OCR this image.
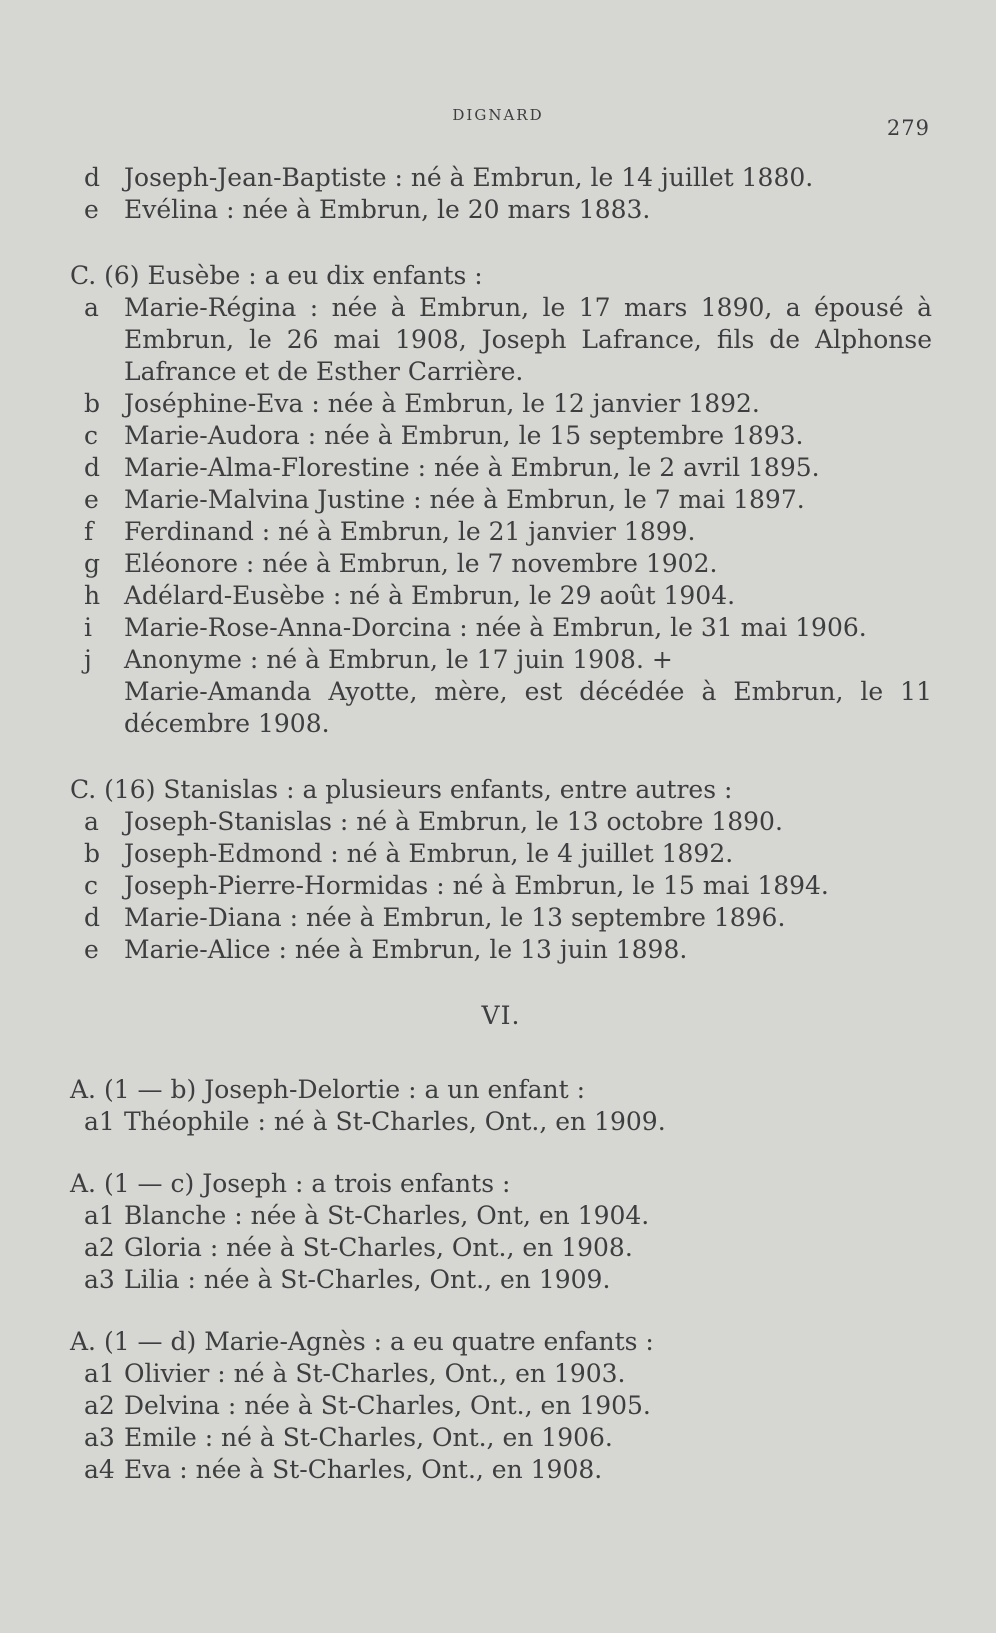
DIGNARD
279
d Joseph-Jean-Baptiste : né à Embrun, le 14 juillet 1880.
e	Evélina : née à Embrun, le 20 mars 1883.
C. (6) Eusèbe : a eu dix enfants :
a	Marie-Régina : née à Embrun, le 17 mars 1890, a épousé à Embrun, le 26 mai 1908, Joseph Lafrance, fils de Alphonse Lafrance et de Esther Carrière.
b Joséphine-Eva : née à Embrun, le 12 janvier 1892.
c	Marie-Audora : née à Embrun, le 15 septembre 1893.
d Marie-Alma-Florestine : née à Embrun, le 2 avril 1895.
e	Marie-Malvina Justine : née à Embrun, le 7 mai 1897.
f	Ferdinand : né à Embrun, le 21 janvier 1899.
g Eléonore : née à Embrun, le 7 novembre 1902.
h Adélard-Eusèbe : né à Embrun, le 29 août 1904.
i	Marie-Rose-Anna-Dorcina : née à Embrun, le 31 mai 1906.
j	Anonyme : né à Embrun, le 17 juin 1908. +
Marie-Amanda Ayotte, mère, est décédée à Embrun, le 11 décembre 1908.
C. (16) Stanislas : a plusieurs enfants, entre autres :
a	Joseph-Stanislas : né à Embrun, le 13 octobre 1890.
b Joseph-Edmond : né à Embrun, le 4 juillet 1892.
c	Joseph-Pierre-Hormidas : né à Embrun, le 15 mai 1894.
d Marie-Diana : née à Embrun, le 13 septembre 1896.
e	Marie-Alice : née à Embrun, le 13 juin 1898.
VI.
A. (1 — b) Joseph-Delortie : a un enfant :
a1 Théophile : né à St-Charles, Ont., en 1909.
A. (1 — c) Joseph : a trois enfants :
a1 Blanche : née à St-Charles, Ont, en 1904.
a2 Gloria : née à St-Charles, Ont., en 1908.
a3 Lilia : née à St-Charles, Ont., en 1909.
A. (1 — d) Marie-Agnès : a eu quatre enfants :
a1 Olivier : né à St-Charles, Ont., en 1903.
a2 Delvina : née à St-Charles, Ont., en 1905.
a3 Emile : né à St-Charles, Ont., en 1906.
a4 Eva : née à St-Charles, Ont., en 1908.
